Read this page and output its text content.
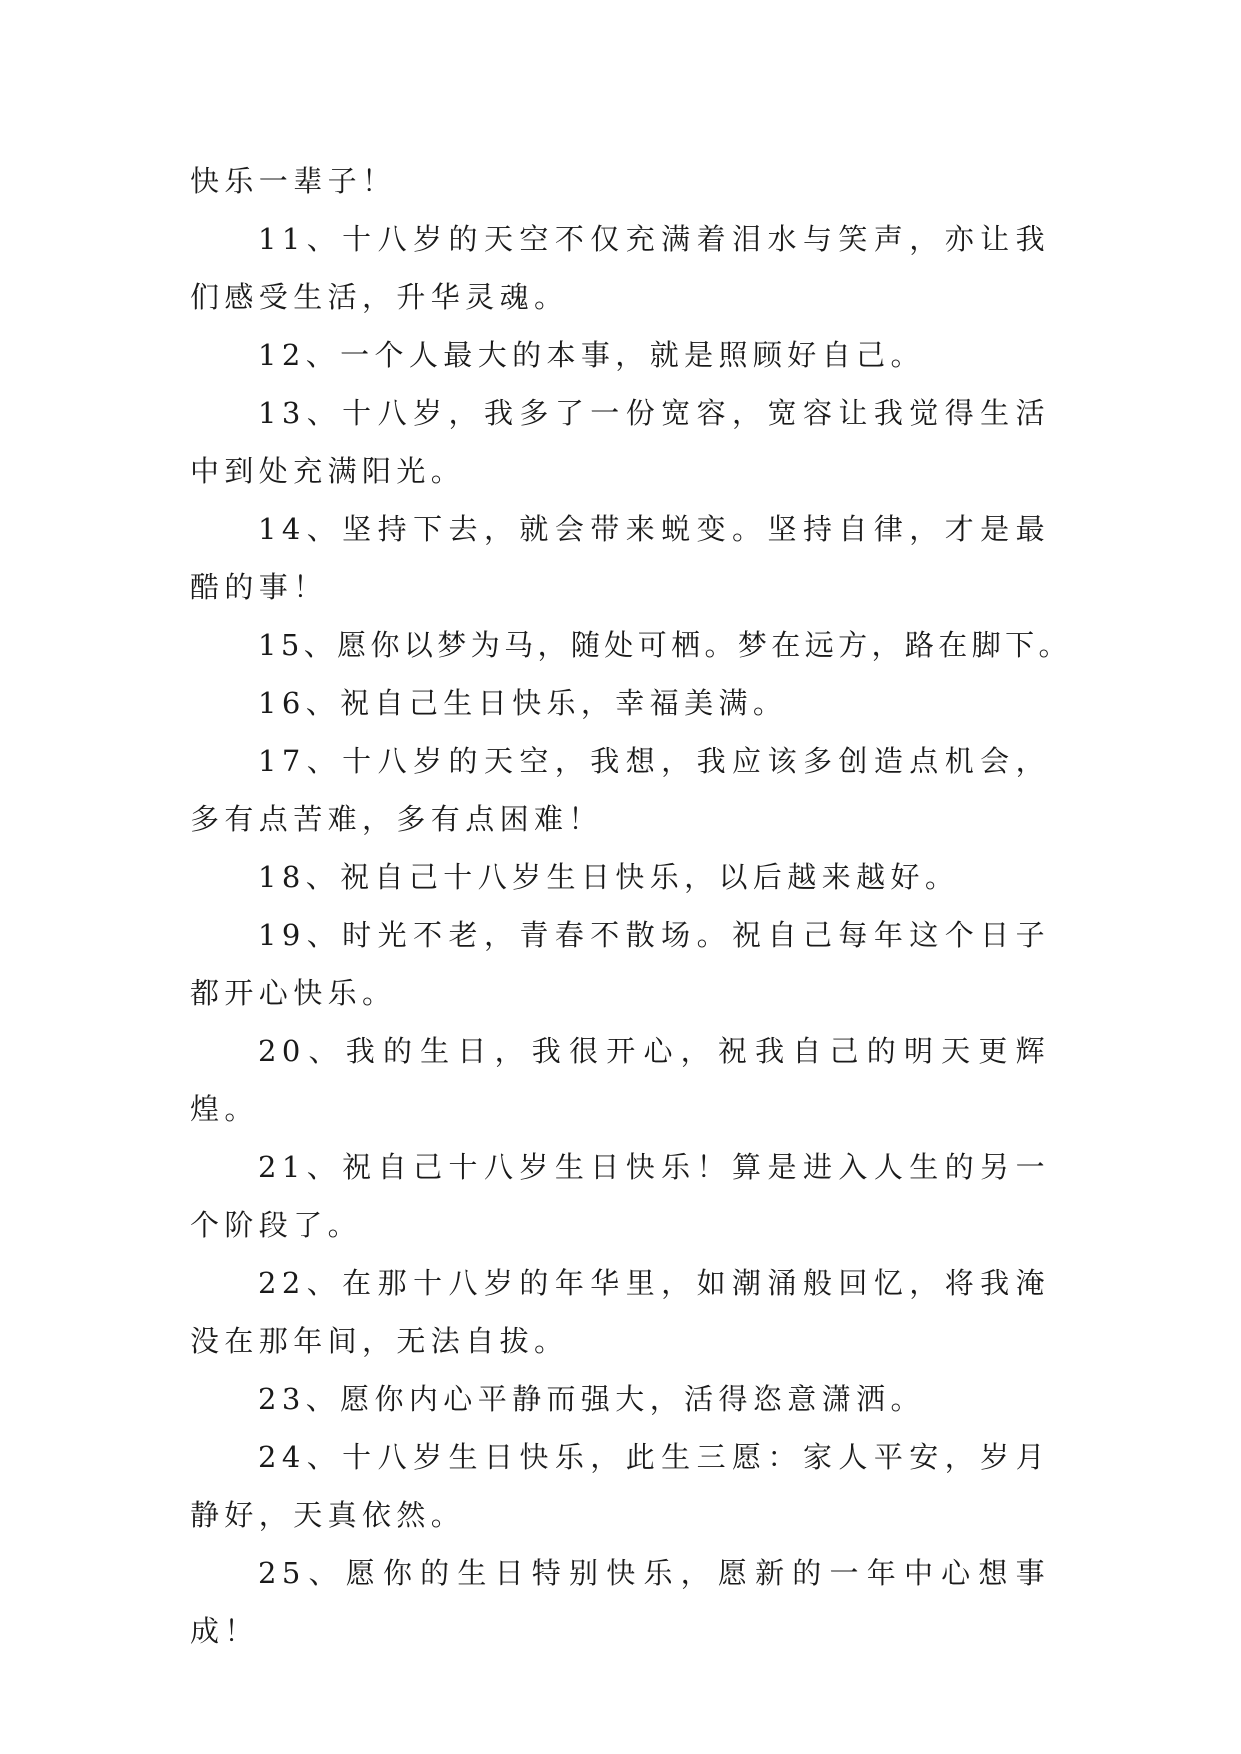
快乐一辈子！

11、十八岁的天空不仅充满着泪水与笑声，亦让我们感受生活，升华灵魂。

12、一个人最大的本事，就是照顾好自己。

13、十八岁，我多了一份宽容，宽容让我觉得生活中到处充满阳光。

14、坚持下去，就会带来蜕变。坚持自律，才是最酷的事！

15、愿你以梦为马，随处可栖。梦在远方，路在脚下。

16、祝自己生日快乐，幸福美满。

17、十八岁的天空，我想，我应该多创造点机会，多有点苦难，多有点困难！

18、祝自己十八岁生日快乐，以后越来越好。

19、时光不老，青春不散场。祝自己每年这个日子都开心快乐。

20、我的生日，我很开心，祝我自己的明天更辉煌。

21、祝自己十八岁生日快乐！算是进入人生的另一个阶段了。

22、在那十八岁的年华里，如潮涌般回忆，将我淹没在那年间，无法自拔。

23、愿你内心平静而强大，活得恣意潇洒。

24、十八岁生日快乐，此生三愿：家人平安，岁月静好，天真依然。

25、愿你的生日特别快乐，愿新的一年中心想事成！
